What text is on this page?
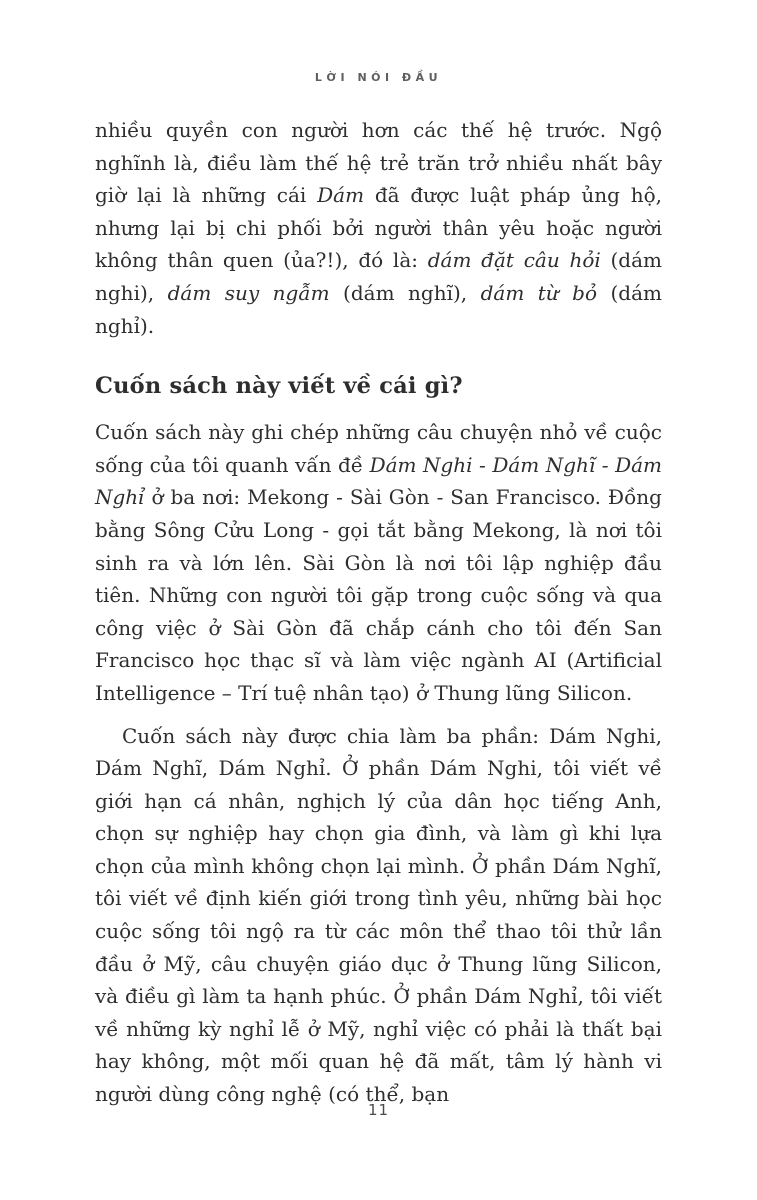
LỜI NÓI ĐẦU

nhiều quyền con người hơn các thế hệ trước. Ngộ nghĩnh là, điều làm thế hệ trẻ trăn trở nhiều nhất bây giờ lại là những cái Dám đã được luật pháp ủng hộ, nhưng lại bị chi phối bởi người thân yêu hoặc người không thân quen (ủa?!), đó là: dám đặt câu hỏi (dám nghi), dám suy ngẫm (dám nghĩ), dám từ bỏ (dám nghỉ).

Cuốn sách này viết về cái gì?

Cuốn sách này ghi chép những câu chuyện nhỏ về cuộc sống của tôi quanh vấn đề Dám Nghi - Dám Nghĩ - Dám Nghỉ ở ba nơi: Mekong - Sài Gòn - San Francisco. Đồng bằng Sông Cửu Long - gọi tắt bằng Mekong, là nơi tôi sinh ra và lớn lên. Sài Gòn là nơi tôi lập nghiệp đầu tiên. Những con người tôi gặp trong cuộc sống và qua công việc ở Sài Gòn đã chắp cánh cho tôi đến San Francisco học thạc sĩ và làm việc ngành AI (Artificial Intelligence – Trí tuệ nhân tạo) ở Thung lũng Silicon.

Cuốn sách này được chia làm ba phần: Dám Nghi, Dám Nghĩ, Dám Nghỉ. Ở phần Dám Nghi, tôi viết về giới hạn cá nhân, nghịch lý của dân học tiếng Anh, chọn sự nghiệp hay chọn gia đình, và làm gì khi lựa chọn của mình không chọn lại mình. Ở phần Dám Nghĩ, tôi viết về định kiến giới trong tình yêu, những bài học cuộc sống tôi ngộ ra từ các môn thể thao tôi thử lần đầu ở Mỹ, câu chuyện giáo dục ở Thung lũng Silicon, và điều gì làm ta hạnh phúc. Ở phần Dám Nghỉ, tôi viết về những kỳ nghỉ lễ ở Mỹ, nghỉ việc có phải là thất bại hay không, một mối quan hệ đã mất, tâm lý hành vi người dùng công nghệ (có thể, bạn

11
